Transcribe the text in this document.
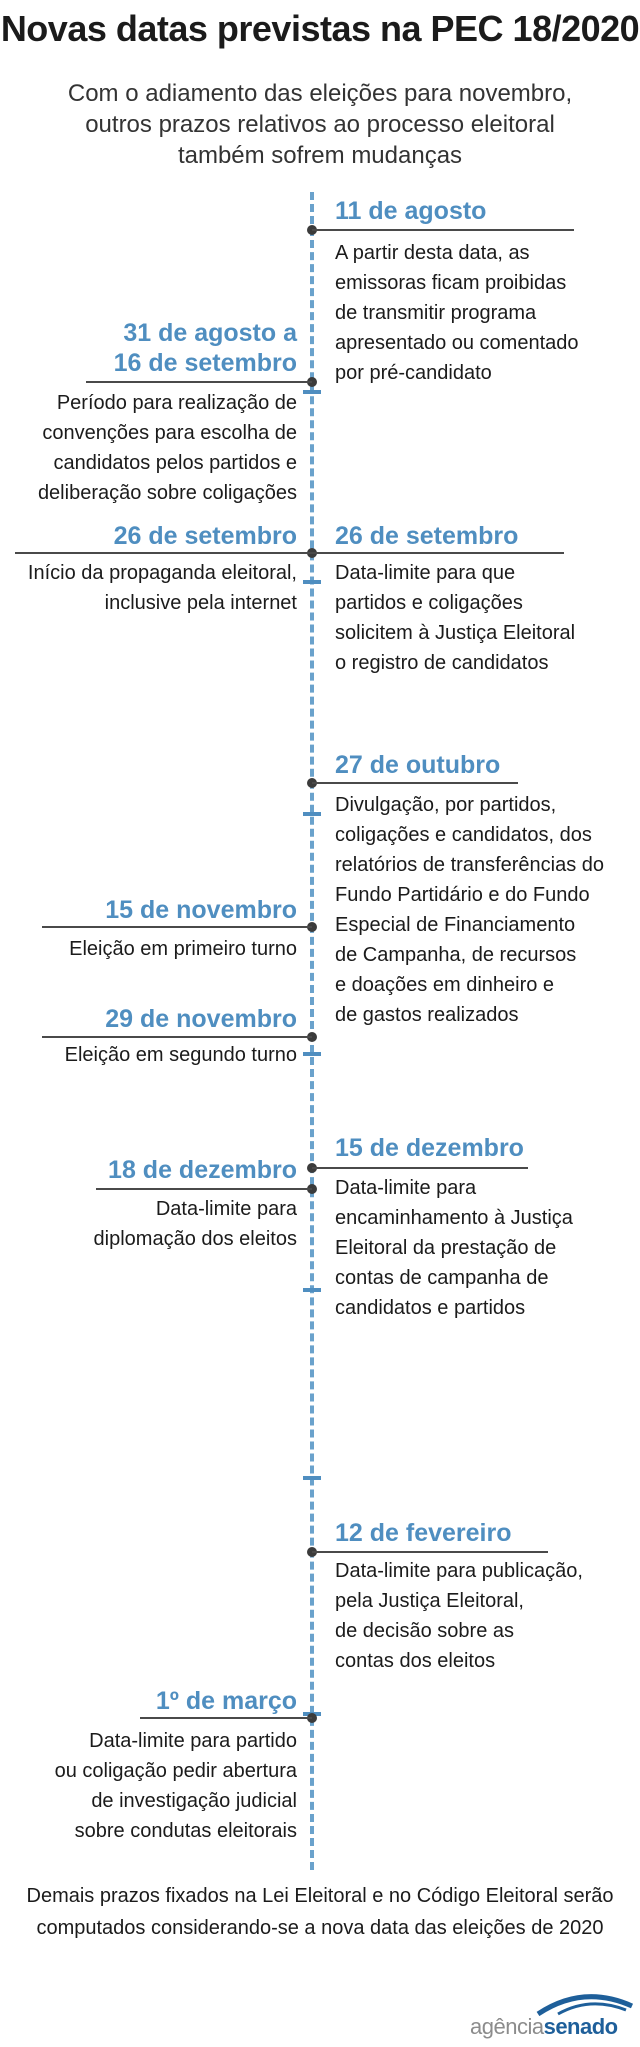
Novas datas previstas na PEC 18/2020
Com o adiamento das eleições para novembro,
outros prazos relativos ao processo eleitoral
também sofrem mudanças
11 de agosto
A partir desta data, as
emissoras ficam proibidas
de transmitir programa
apresentado ou comentado
por pré-candidato
31 de agosto a
16 de setembro
Período para realização de
convenções para escolha de
candidatos pelos partidos e
deliberação sobre coligações
26 de setembro
Início da propaganda eleitoral,
inclusive pela internet
26 de setembro
Data-limite para que
partidos e coligações
solicitem à Justiça Eleitoral
o registro de candidatos
27 de outubro
Divulgação, por partidos,
coligações e candidatos, dos
relatórios de transferências do
Fundo Partidário e do Fundo
Especial de Financiamento
de Campanha, de recursos
e doações em dinheiro e
de gastos realizados
15 de novembro
Eleição em primeiro turno
29 de novembro
Eleição em segundo turno
15 de dezembro
Data-limite para
encaminhamento à Justiça
Eleitoral da prestação de
contas de campanha de
candidatos e partidos
18 de dezembro
Data-limite para
diplomação dos eleitos
12 de fevereiro
Data-limite para publicação,
pela Justiça Eleitoral,
de decisão sobre as
contas dos eleitos
1º de março
Data-limite para partido
ou coligação pedir abertura
de investigação judicial
sobre condutas eleitorais
Demais prazos fixados na Lei Eleitoral e no Código Eleitoral serão
computados considerando-se a nova data das eleições de 2020
agênciasenado
